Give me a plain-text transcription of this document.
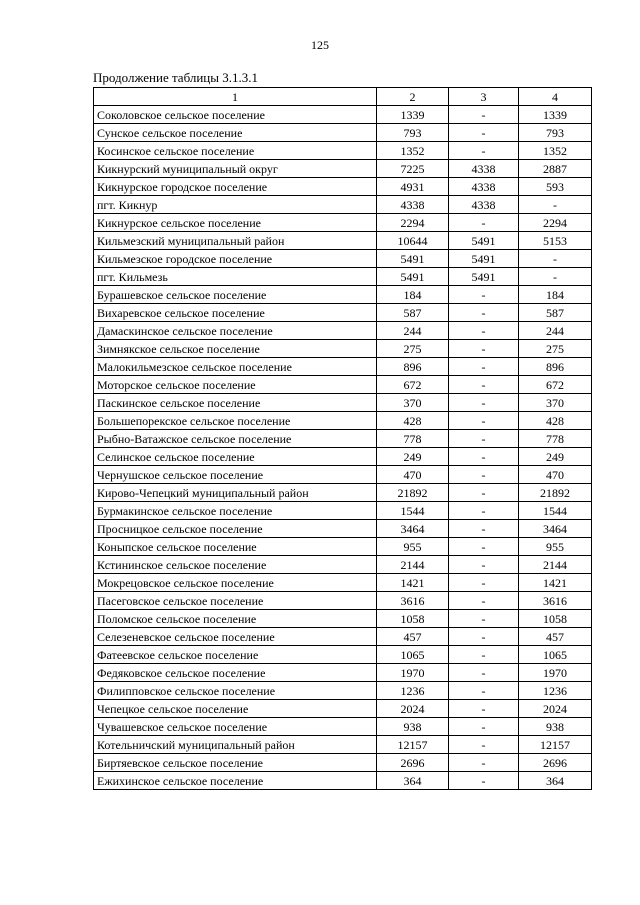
125
Продолжение таблицы 3.1.3.1
1	2	3	4
Соколовское сельское поселение	1339	-	1339
Сунское сельское поселение	793	-	793
Косинское сельское поселение	1352	-	1352
Кикнурский муниципальный округ	7225	4338	2887
Кикнурское городское поселение	4931	4338	593
пгт. Кикнур	4338	4338	-
Кикнурское сельское поселение	2294	-	2294
Кильмезский муниципальный район	10644	5491	5153
Кильмезское городское поселение	5491	5491	-
пгт. Кильмезь	5491	5491	-
Бурашевское сельское поселение	184	-	184
Вихаревское сельское поселение	587	-	587
Дамаскинское сельское поселение	244	-	244
Зимнякское сельское поселение	275	-	275
Малокильмезское сельское поселение	896	-	896
Моторское сельское поселение	672	-	672
Паскинское сельское поселение	370	-	370
Большепорекское сельское поселение	428	-	428
Рыбно-Ватажское сельское поселение	778	-	778
Селинское сельское поселение	249	-	249
Чернушское сельское поселение	470	-	470
Кирово-Чепецкий муниципальный район	21892	-	21892
Бурмакинское сельское поселение	1544	-	1544
Просницкое сельское поселение	3464	-	3464
Коныпское сельское поселение	955	-	955
Кстининское сельское поселение	2144	-	2144
Мокрецовское сельское поселение	1421	-	1421
Пасеговское сельское поселение	3616	-	3616
Поломское сельское поселение	1058	-	1058
Селезеневское сельское поселение	457	-	457
Фатеевское сельское поселение	1065	-	1065
Федяковское сельское поселение	1970	-	1970
Филипповское сельское поселение	1236	-	1236
Чепецкое сельское поселение	2024	-	2024
Чувашевское сельское поселение	938	-	938
Котельничский муниципальный район	12157	-	12157
Биртяевское сельское поселение	2696	-	2696
Ежихинское сельское поселение	364	-	364
